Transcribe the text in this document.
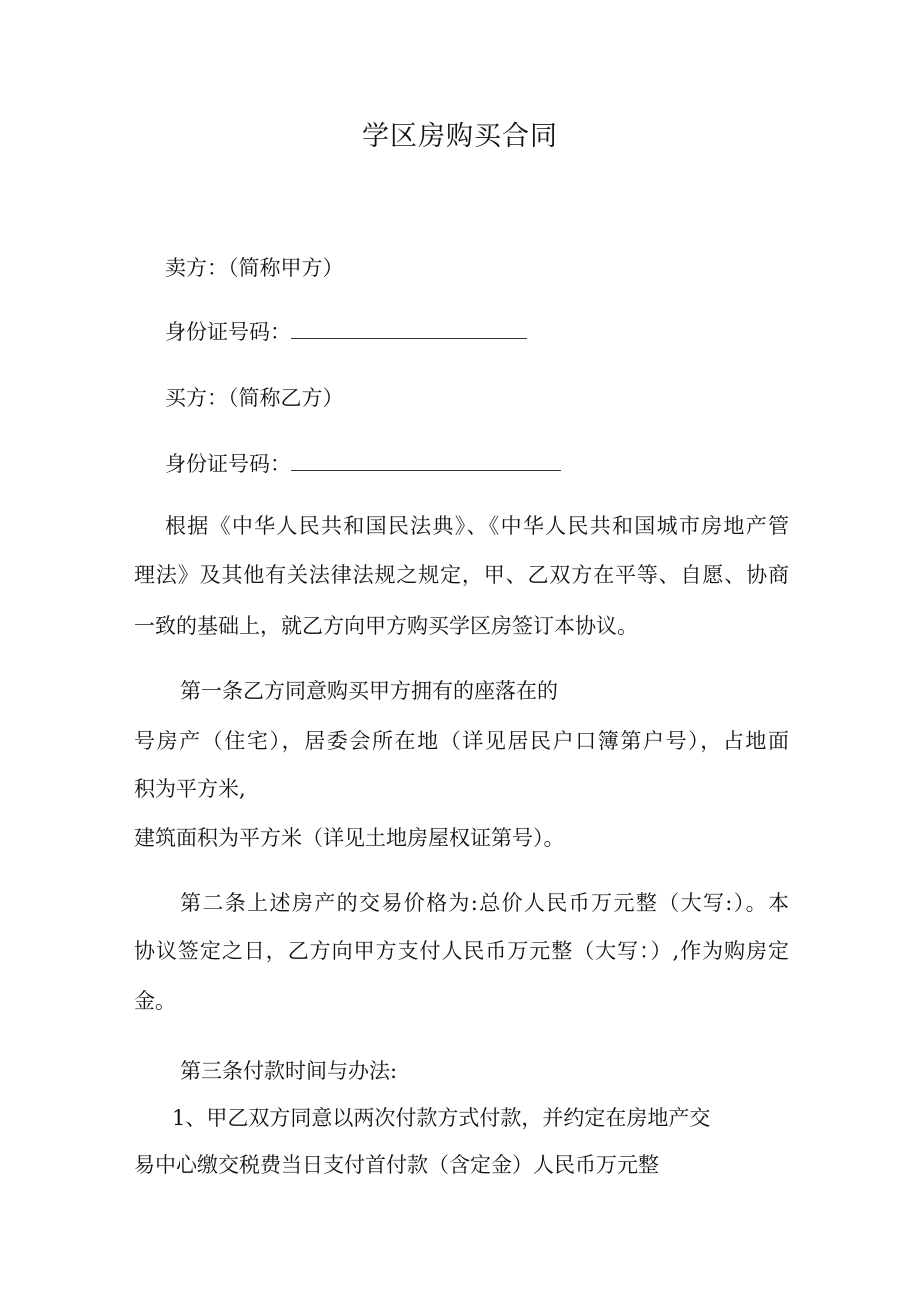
学区房购买合同
卖方：（简称甲方）
身份证号码：
买方：（简称乙方）
身份证号码：
根据《中华人民共和国民法典》、《中华人民共和国城市房地产管
理法》及其他有关法律法规之规定，甲、乙双方在平等、自愿、协商
一致的基础上，就乙方向甲方购买学区房签订本协议。
第一条乙方同意购买甲方拥有的座落在的
号房产（住宅），居委会所在地（详见居民户口簿第户号），占地面
积为平方米,
建筑面积为平方米（详见土地房屋权证第号）。
第二条上述房产的交易价格为:总价人民币万元整（大写:）。本
协议签定之日，乙方向甲方支付人民币万元整（大写：）,作为购房定
金。
第三条付款时间与办法:
1、甲乙双方同意以两次付款方式付款，并约定在房地产交
易中心缴交税费当日支付首付款（含定金）人民币万元整
